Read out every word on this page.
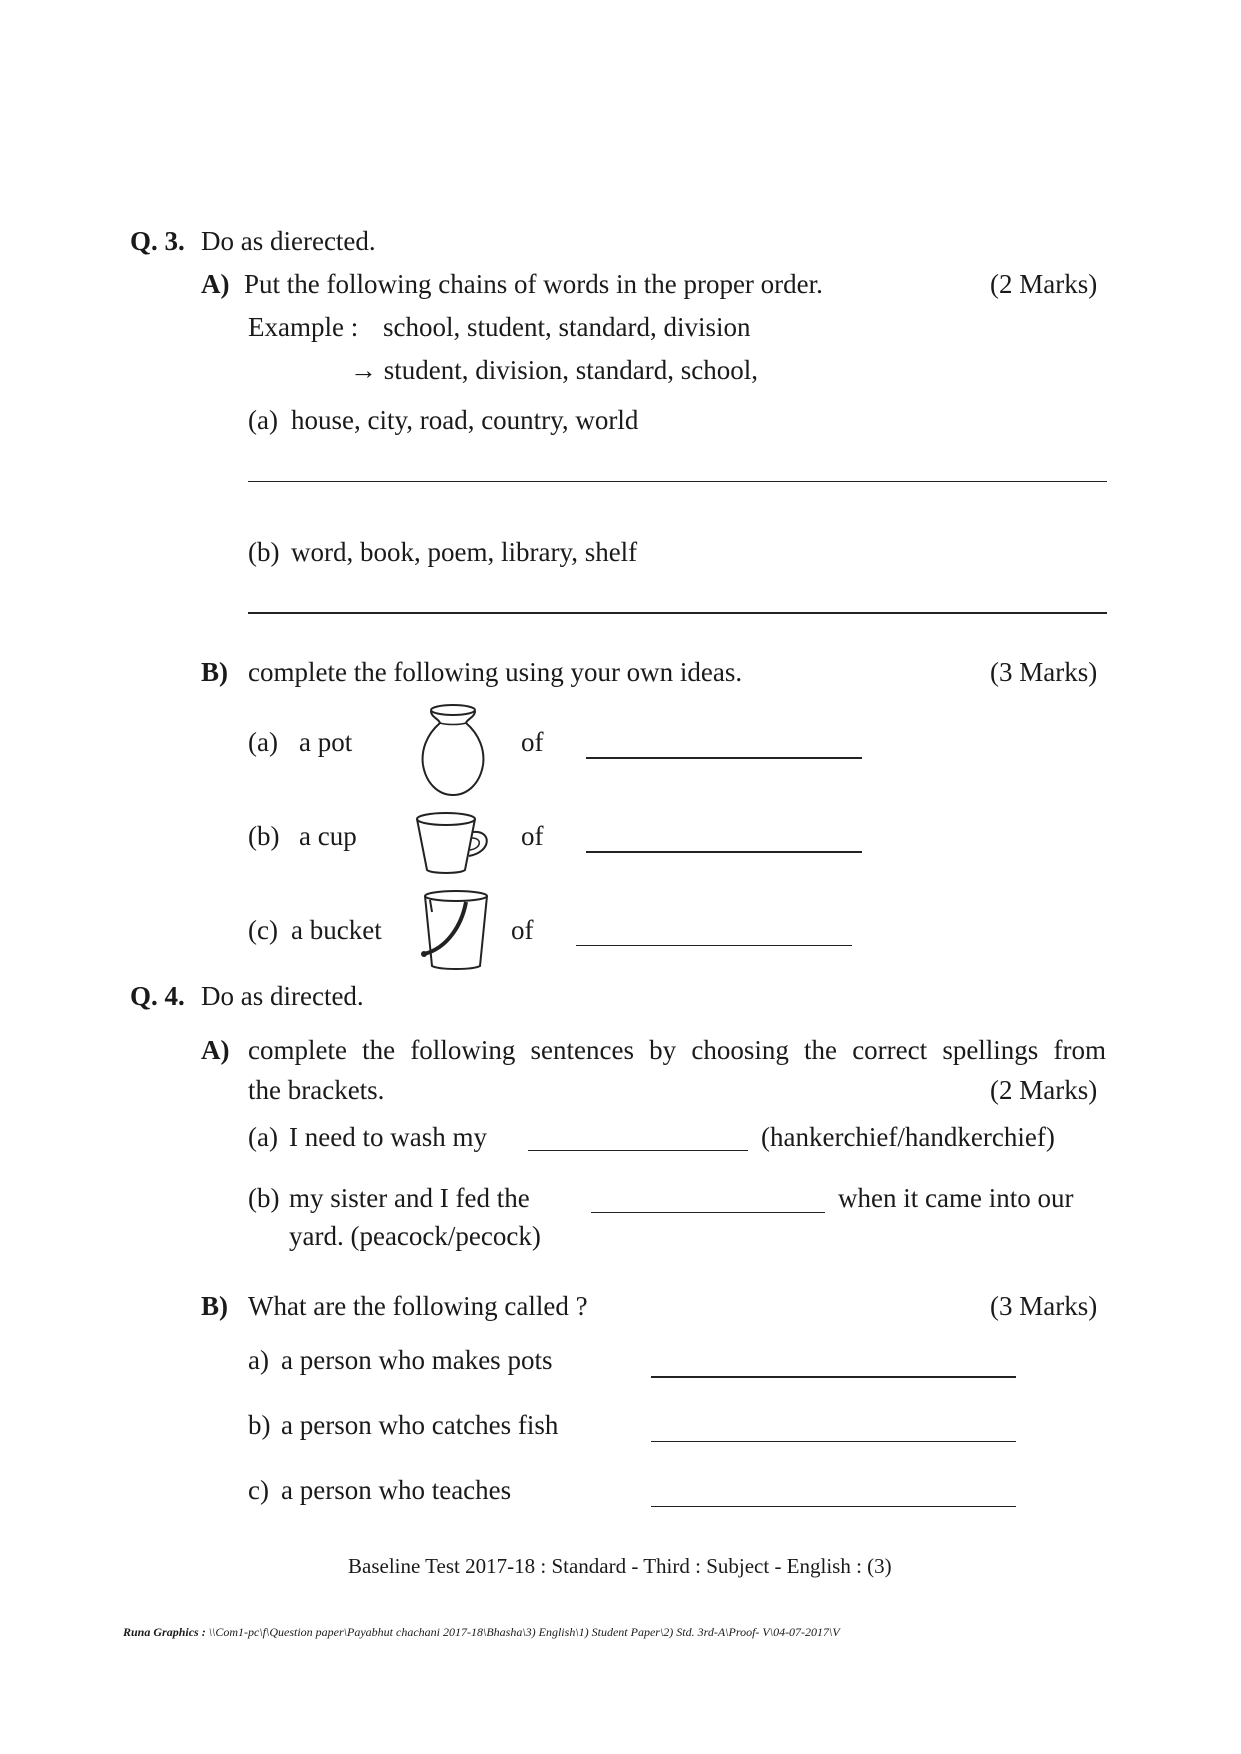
Q. 3. Do as dierected.
A) Put the following chains of words in the proper order.	(2 Marks)
Example : school, student, standard, division
→ student, division, standard, school,
(a) house, city, road, country, world
(b) word, book, poem, library, shelf
B) complete the following using your own ideas.	(3 Marks)
(a) a pot	of
(b) a cup	of
(c) a bucket	of
Q. 4. Do as directed.
A) complete the following sentences by choosing the correct spellings from
the brackets.	(2 Marks)
(a) I need to wash my	(hankerchief/handkerchief)
(b) my sister and I fed the	when it came into our
yard. (peacock/pecock)
B) What are the following called ?	(3 Marks)
a) a person who makes pots
b) a person who catches fish
c) a person who teaches
Baseline Test 2017-18 : Standard - Third : Subject - English : (3)
Runa Graphics : \\Com1-pc\f\Question paper\Payabhut chachani 2017-18\Bhasha\3) English\1) Student Paper\2) Std. 3rd-A\Proof- V\04-07-2017\V
